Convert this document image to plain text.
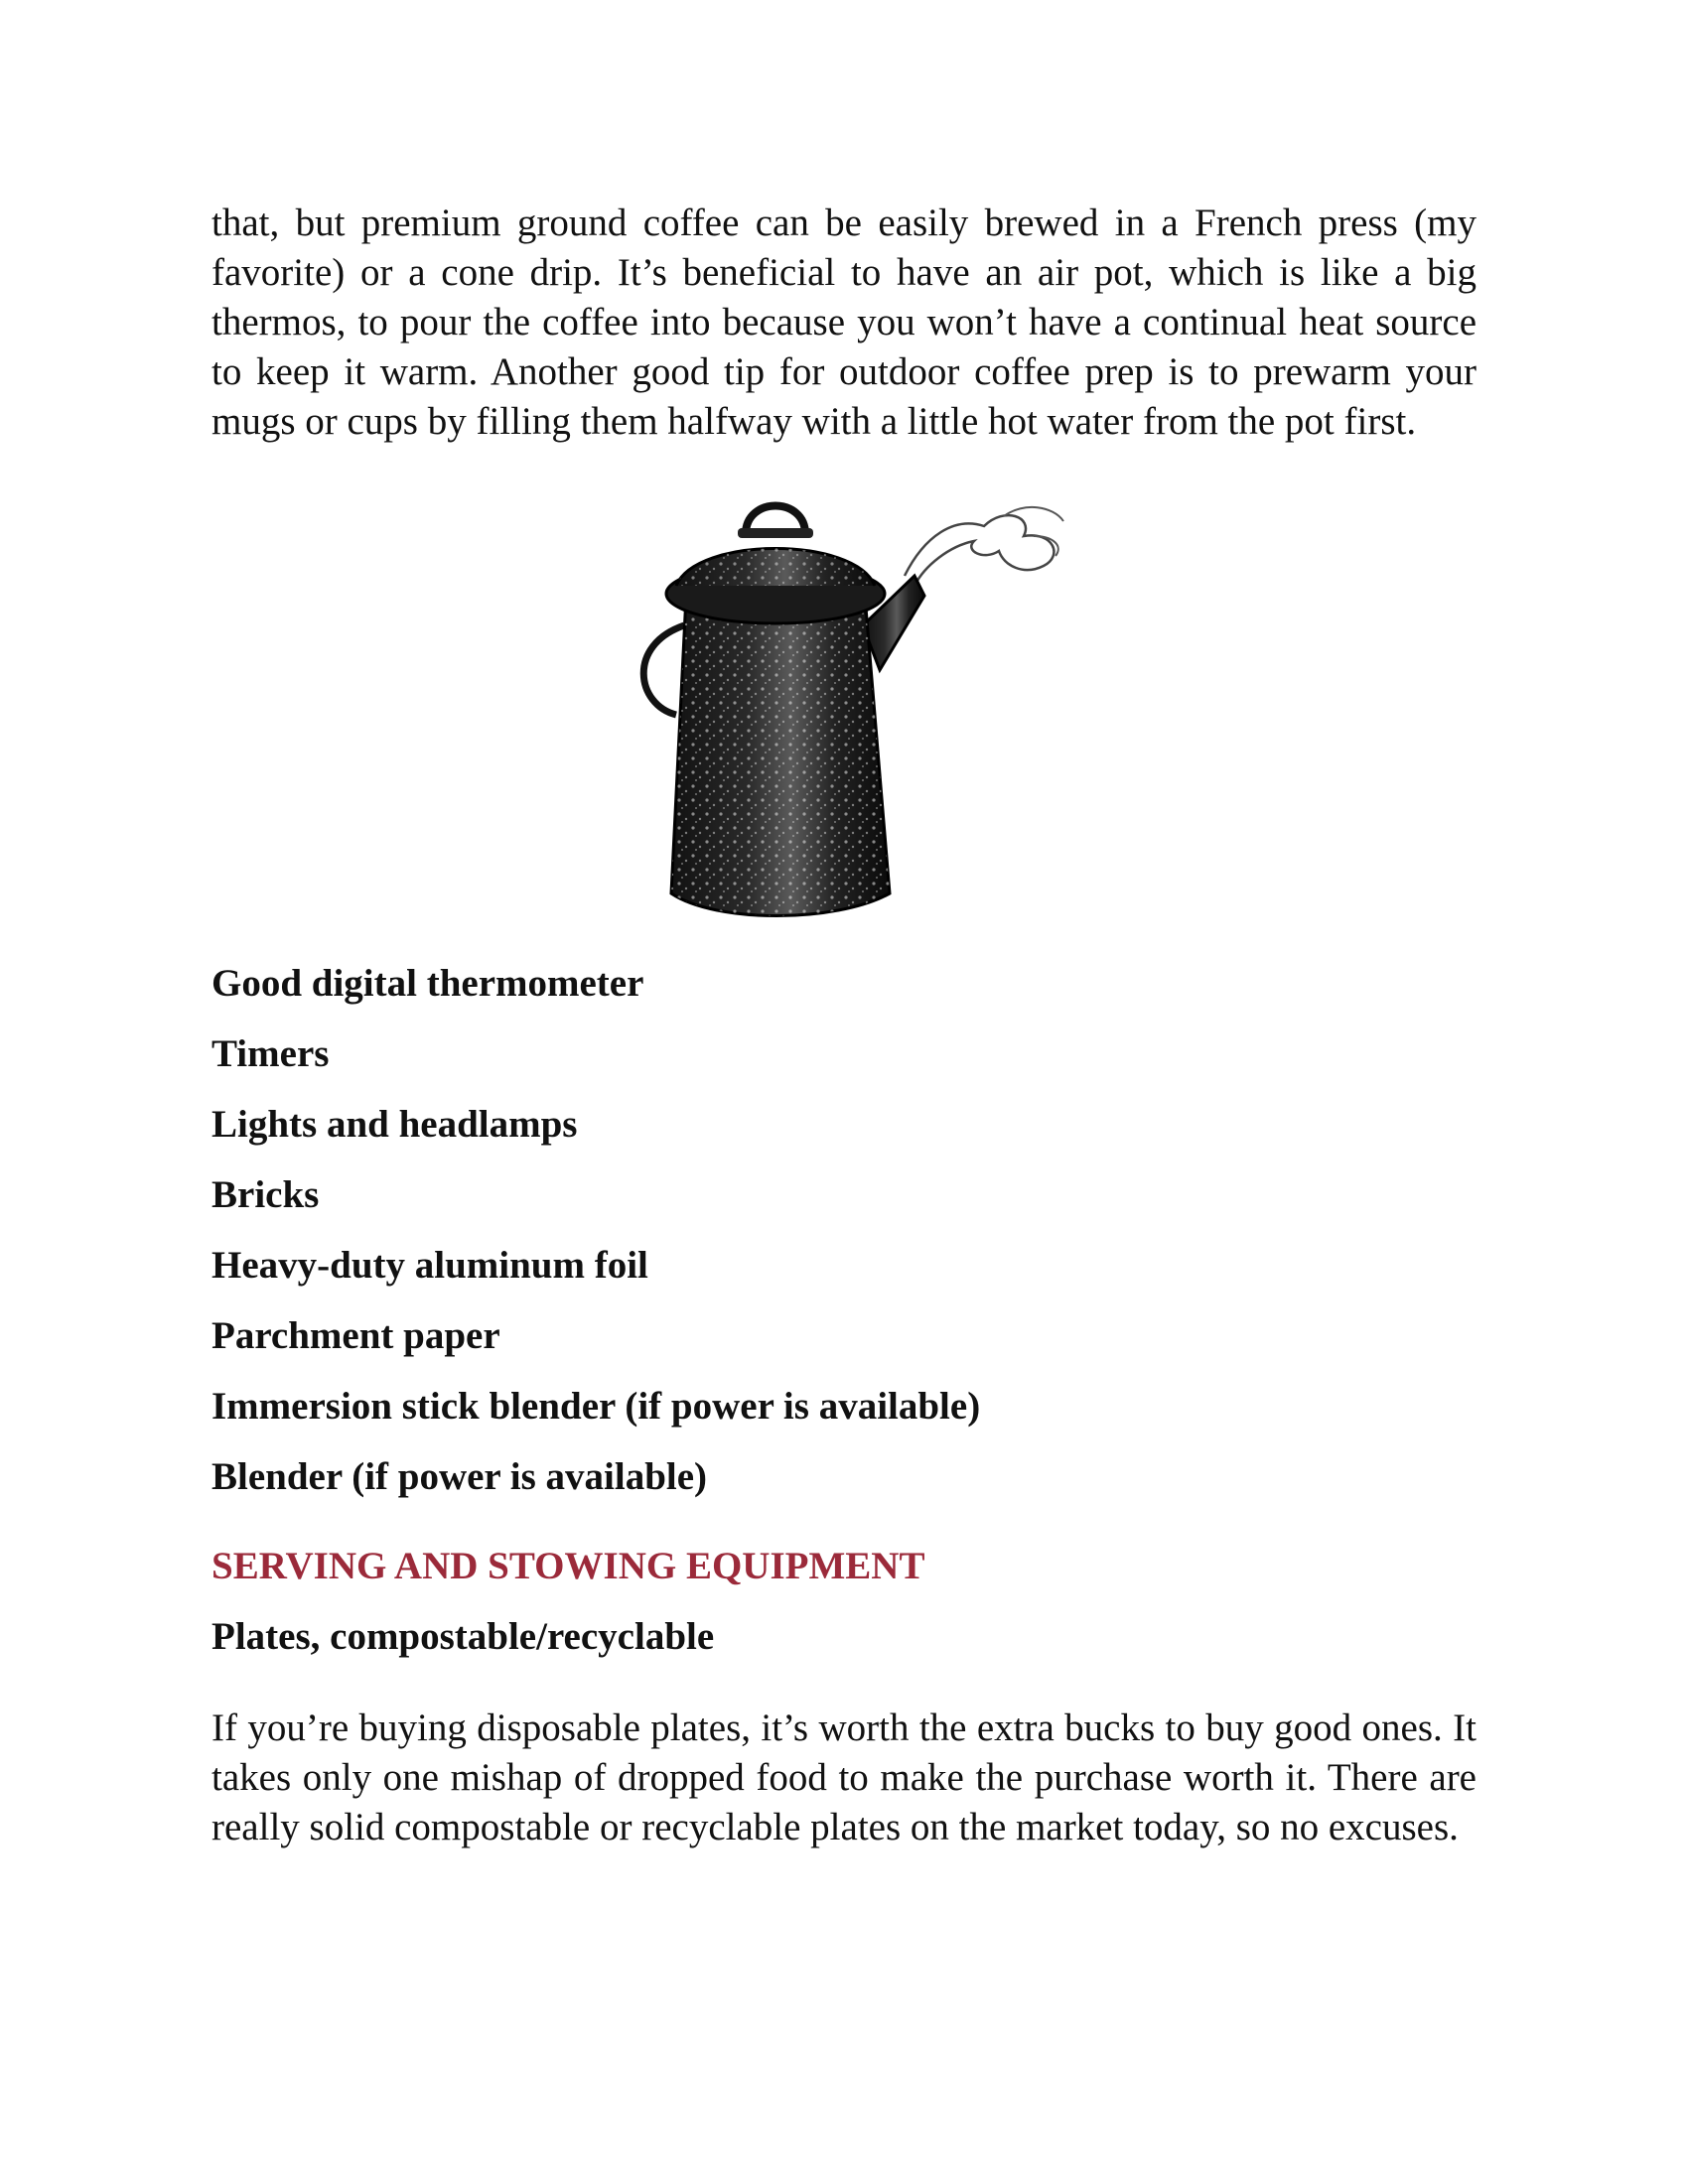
that, but premium ground coffee can be easily brewed in a French press (my favorite) or a cone drip. It’s beneficial to have an air pot, which is like a big thermos, to pour the coffee into because you won’t have a continual heat source to keep it warm. Another good tip for outdoor coffee prep is to prewarm your mugs or cups by filling them halfway with a little hot water from the pot first.

Good digital thermometer

Timers

Lights and headlamps

Bricks

Heavy-duty aluminum foil

Parchment paper

Immersion stick blender (if power is available)

Blender (if power is available)

SERVING AND STOWING EQUIPMENT

Plates, compostable/recyclable

If you’re buying disposable plates, it’s worth the extra bucks to buy good ones. It takes only one mishap of dropped food to make the purchase worth it. There are really solid compostable or recyclable plates on the market today, so no excuses.
